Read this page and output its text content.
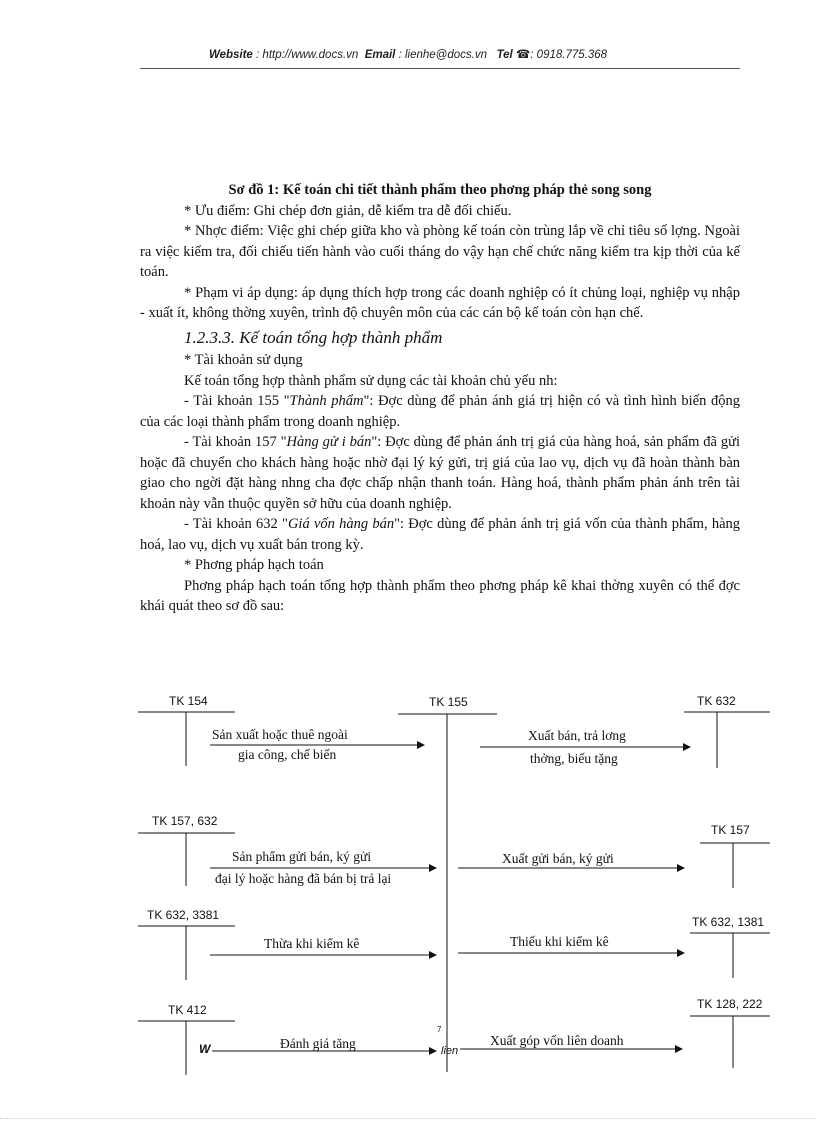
Website : http://www.docs.vn Email : lienhe@docs.vn Tel ☎: 0918.775.368

Sơ đồ 1: Kế toán chi tiết thành phẩm theo phơng pháp thẻ song song

* Ưu điểm: Ghi chép đơn giản, dễ kiểm tra dễ đối chiếu.

* Nhợc điểm: Việc ghi chép giữa kho và phòng kế toán còn trùng lắp về chỉ tiêu số lợng. Ngoài ra việc kiểm tra, đối chiếu tiến hành vào cuối tháng do vậy hạn chế chức năng kiểm tra kịp thời của kế toán.

* Phạm vi áp dụng: áp dụng thích hợp trong các doanh nghiệp có ít chủng loại, nghiệp vụ nhập - xuất ít, không thờng xuyên, trình độ chuyên môn của các cán bộ kế toán còn hạn chế.

1.2.3.3. Kế toán tổng hợp thành phẩm

* Tài khoản sử dụng

Kế toán tổng hợp thành phẩm sử dụng các tài khoản chủ yếu nh:

- Tài khoản 155 "Thành phẩm": Đợc dùng để phản ánh giá trị hiện có và tình hình biến động của các loại thành phẩm trong doanh nghiệp.

- Tài khoản 157 "Hàng gử i bán": Đợc dùng để phản ánh trị giá của hàng hoá, sản phẩm đã gửi hoặc đã chuyển cho khách hàng hoặc nhờ đại lý ký gửi, trị giá của lao vụ, dịch vụ đã hoàn thành bàn giao cho ngời đặt hàng nhng cha đợc chấp nhận thanh toán. Hàng hoá, thành phẩm phản ánh trên tài khoản này vẫn thuộc quyền sở hữu của doanh nghiệp.

- Tài khoản 632 "Giá vốn hàng bán": Đợc dùng để phản ánh trị giá vốn của thành phẩm, hàng hoá, lao vụ, dịch vụ xuất bán trong kỳ.

* Phơng pháp hạch toán

Phơng pháp hạch toán tổng hợp thành phẩm theo phơng pháp kê khai thờng xuyên có thể đợc khái quát theo sơ đồ sau:

TK 154	TK 155	TK 632
TK 157, 632
TK 157
TK 632, 3381	TK 632, 1381
TK 412	TK 128, 222
Sản xuất hoặc thuê ngoài
gia công, chế biến
Xuất bán, trả lơng
thởng, biếu tặng
Sản phẩm gửi bán, ký gửi
đại lý hoặc hàng đã bán bị trả lại
Xuất gửi bán, ký gửi
Thừa khi kiểm kê	Thiếu khi kiểm kê
Đánh giá tăng	Xuất góp vốn liên doanh
W
7
lien
